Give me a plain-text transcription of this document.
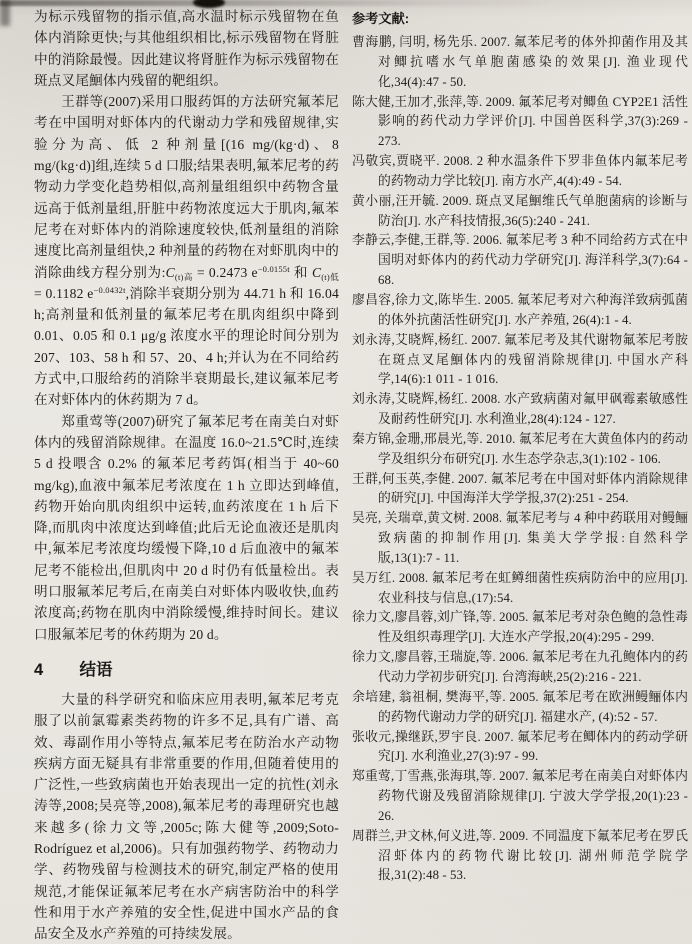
为标示残留物的指示值,高水温时标示残留物在鱼体内消除更快;与其他组织相比,标示残留物在肾脏中的消除最慢。因此建议将肾脏作为标示残留物在斑点叉尾鮰体内残留的靶组织。

王群等(2007)采用口服药饵的方法研究氟苯尼考在中国明对虾体内的代谢动力学和残留规律,实验分为高、低 2 种剂量[(16 mg/(kg·d)、8 mg/(kg·d)]组,连续 5 d 口服;结果表明,氟苯尼考的药物动力学变化趋势相似,高剂量组组织中药物含量远高于低剂量组,肝脏中药物浓度远大于肌肉,氟苯尼考在对虾体内的消除速度较快,低剂量组的消除速度比高剂量组快,2 种剂量的药物在对虾肌肉中的消除曲线方程分别为$:C_{(t)高} = 0.2473$ $e^{-0.0155t}$ 和 $C_{(t)低} = 0.1182$ $e^{-0.0432t}$,消除半衰期分别为 44.71 h 和 16.04 h;高剂量和低剂量的氟苯尼考在肌肉组织中降到 0.01、0.05 和 0.1 μg/g 浓度水平的理论时间分别为 207、103、58 h 和 57、20、4 h;并认为在不同给药方式中,口服给药的消除半衰期最长,建议氟苯尼考在对虾体内的休药期为 7 d。

郑重莺等(2007)研究了氟苯尼考在南美白对虾体内的残留消除规律。在温度 16.0~21.5℃时,连续 5 d 投喂含 0.2% 的氟苯尼考药饵(相当于 40~60 mg/kg),血液中氟苯尼考浓度在 1 h 立即达到峰值,药物开始向肌肉组织中运转,血药浓度在 1 h 后下降,而肌肉中浓度达到峰值;此后无论血液还是肌肉中,氟苯尼考浓度均缓慢下降,10 d 后血液中的氟苯尼考不能检出,但肌肉中 20 d 时仍有低量检出。表明口服氟苯尼考后,在南美白对虾体内吸收快,血药浓度高;药物在肌肉中消除缓慢,维持时间长。建议口服氟苯尼考的休药期为 20 d。

4 结语

大量的科学研究和临床应用表明,氟苯尼考克服了以前氯霉素类药物的许多不足,具有广谱、高效、毒副作用小等特点,氟苯尼考在防治水产动物疾病方面无疑具有非常重要的作用,但随着使用的广泛性,一些致病菌也开始表现出一定的抗性(刘永涛等,2008;吴亮等,2008),氟苯尼考的毒理研究也越来越多(徐力文等,2005c;陈大健等,2009;Soto-Rodríguez et al,2006)。只有加强药物学、药物动力学、药物残留与检测技术的研究,制定严格的使用规范,才能保证氟苯尼考在水产病害防治中的科学性和用于水产养殖的安全性,促进中国水产品的食品安全及水产养殖的可持续发展。

参考文献:

曹海鹏, 闫明, 杨先乐. 2007. 氟苯尼考的体外抑菌作用及其对鲫抗嗜水气单胞菌感染的效果[J]. 渔业现代化,34(4):47 - 50.

陈大健,王加才,张萍,等. 2009. 氟苯尼考对鲫鱼 CYP2E1 活性影响的药代动力学评价[J]. 中国兽医科学,37(3):269 - 273.

冯敬宾,贾晓平. 2008. 2 种水温条件下罗非鱼体内氟苯尼考的药物动力学比较[J]. 南方水产,4(4):49 - 54.

黄小丽,汪开毓. 2009. 斑点叉尾鮰维氏气单胞菌病的诊断与防治[J]. 水产科技情报,36(5):240 - 241.

李静云,李健,王群,等. 2006. 氟苯尼考 3 种不同给药方式在中国明对虾体内的药代动力学研究[J]. 海洋科学,3(7):64 - 68.

廖昌容,徐力文,陈毕生. 2005. 氟苯尼考对六种海洋致病弧菌的体外抗菌活性研究[J]. 水产养殖, 26(4):1 - 4.

刘永涛,艾晓辉,杨红. 2007. 氟苯尼考及其代谢物氟苯尼考胺在斑点叉尾鮰体内的残留消除规律[J]. 中国水产科学,14(6):1 011 - 1 016.

刘永涛,艾晓辉,杨红. 2008. 水产致病菌对氟甲砜霉素敏感性及耐药性研究[J]. 水利渔业,28(4):124 - 127.

秦方锦,金珊,邢晨光,等. 2010. 氟苯尼考在大黄鱼体内的药动学及组织分布研究[J]. 水生态学杂志,3(1):102 - 106.

王群,何玉英,李健. 2007. 氟苯尼考在中国对虾体内消除规律的研究[J]. 中国海洋大学学报,37(2):251 - 254.

吴亮, 关瑞章,黄文树. 2008. 氟苯尼考与 4 种中药联用对鳗鲡致病菌的抑制作用[J]. 集美大学学报:自然科学版,13(1):7 - 11.

吴万红. 2008. 氟苯尼考在虹鳟细菌性疾病防治中的应用[J]. 农业科技与信息,(17):54.

徐力文,廖昌蓉,刘广锋,等. 2005. 氟苯尼考对杂色鲍的急性毒性及组织毒理学[J]. 大连水产学报,20(4):295 - 299.

徐力文,廖昌蓉,王瑞旋,等. 2006. 氟苯尼考在九孔鲍体内的药代动力学初步研究[J]. 台湾海峡,25(2):216 - 221.

余培建, 翁祖桐, 樊海平,等. 2005. 氟苯尼考在欧洲鳗鲡体内的药物代谢动力学的研究[J]. 福建水产, (4):52 - 57.

张收元,操继跃,罗宇良. 2007. 氟苯尼考在鲫体内的药动学研究[J]. 水利渔业,27(3):97 - 99.

郑重莺,丁雪燕,张海琪,等. 2007. 氟苯尼考在南美白对虾体内药物代谢及残留消除规律[J]. 宁波大学学报,20(1):23 - 26.

周群兰,尹文林,何义进,等. 2009. 不同温度下氟苯尼考在罗氏沼虾体内的药物代谢比较[J]. 湖州师范学院学报,31(2):48 - 53.
